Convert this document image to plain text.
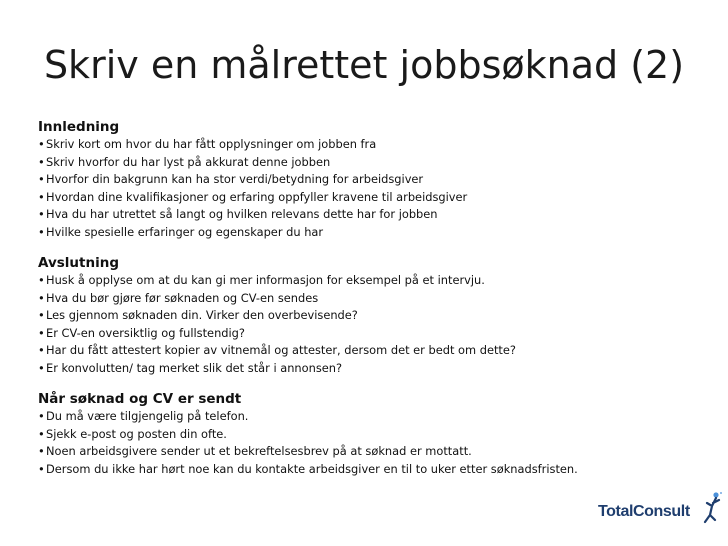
Skriv en målrettet jobbsøknad (2)
Innledning
•Skriv kort om hvor du har fått opplysninger om jobben fra
•Skriv hvorfor du har lyst på akkurat denne jobben
•Hvorfor din bakgrunn kan ha stor verdi/betydning for arbeidsgiver
•Hvordan dine kvalifikasjoner og erfaring oppfyller kravene til arbeidsgiver
•Hva du har utrettet så langt og hvilken relevans dette har for jobben
•Hvilke spesielle erfaringer og egenskaper du har
Avslutning
•Husk å opplyse om at du kan gi mer informasjon for eksempel på et intervju.
•Hva du bør gjøre før søknaden og CV-en sendes
•Les gjennom søknaden din. Virker den overbevisende?
•Er CV-en oversiktlig og fullstendig?
•Har du fått attestert kopier av vitnemål og attester, dersom det er bedt om dette?
•Er konvolutten/ tag merket slik det står i annonsen?
Når søknad og CV er sendt
•Du må være tilgjengelig på telefon.
•Sjekk e-post og posten din ofte.
•Noen arbeidsgivere sender ut et bekreftelsesbrev på at søknad er mottatt.
•Dersom du ikke har hørt noe kan du kontakte arbeidsgiver en til to uker etter søknadsfristen.
TotalConsult
